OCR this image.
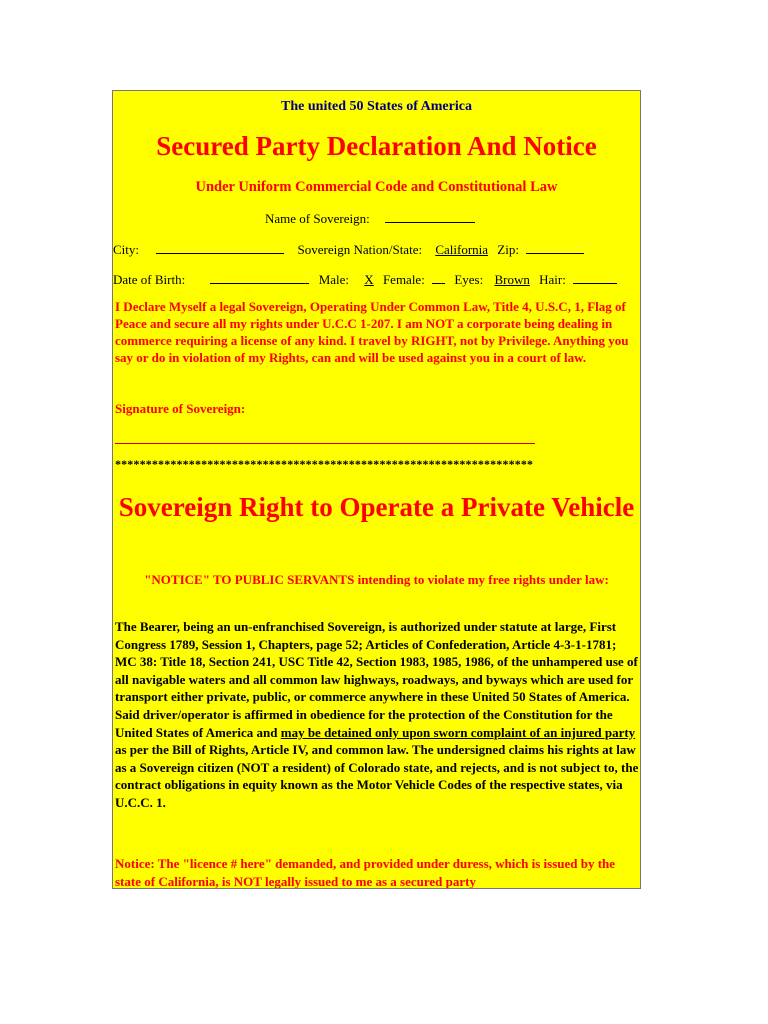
The united 50 States of America
Secured Party Declaration And Notice
Under Uniform Commercial Code and Constitutional Law
Name of Sovereign:
City:	Sovereign Nation/State: California Zip:
Date of Birth:	Male: X Female: Eyes: Brown Hair:
I Declare Myself a legal Sovereign, Operating Under Common Law, Title 4, U.S.C, 1, Flag of Peace and secure all my rights under U.C.C 1-207. I am NOT a corporate being dealing in commerce requiring a license of any kind. I travel by RIGHT, not by Privilege. Anything you say or do in violation of my Rights, can and will be used against you in a court of law.
Signature of Sovereign:
********************************************************************
Sovereign Right to Operate a Private Vehicle
"NOTICE" TO PUBLIC SERVANTS intending to violate my free rights under law:
The Bearer, being an un-enfranchised Sovereign, is authorized under statute at large, First Congress 1789, Session 1, Chapters, page 52; Articles of Confederation, Article 4-3-1-1781; MC 38: Title 18, Section 241, USC Title 42, Section 1983, 1985, 1986, of the unhampered use of all navigable waters and all common law highways, roadways, and byways which are used for transport either private, public, or commerce anywhere in these United 50 States of America. Said driver/operator is affirmed in obedience for the protection of the Constitution for the United States of America and may be detained only upon sworn complaint of an injured party as per the Bill of Rights, Article IV, and common law. The undersigned claims his rights at law as a Sovereign citizen (NOT a resident) of Colorado state, and rejects, and is not subject to, the contract obligations in equity known as the Motor Vehicle Codes of the respective states, via U.C.C. 1.
Notice: The "licence # here" demanded, and provided under duress, which is issued by the state of California, is NOT legally issued to me as a secured party
